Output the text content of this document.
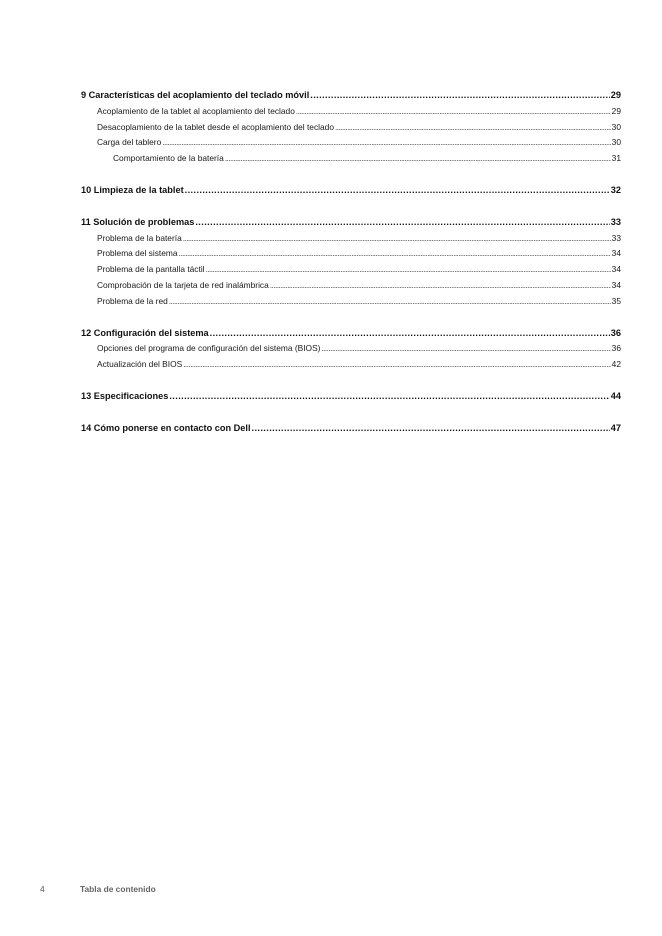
9 Características del acoplamiento del teclado móvil .....	29
Acoplamiento de la tablet al acoplamiento del teclado .....	29
Desacoplamiento de la tablet desde el acoplamiento del teclado .....	30
Carga del tablero .....	30
Comportamiento de la batería .....	31
10 Limpieza de la tablet .....	32
11 Solución de problemas .....	33
Problema de la batería .....	33
Problema del sistema .....	34
Problema de la pantalla táctil .....	34
Comprobación de la tarjeta de red inalámbrica .....	34
Problema de la red .....	35
12 Configuración del sistema .....	36
Opciones del programa de configuración del sistema (BIOS) .....	36
Actualización del BIOS .....	42
13 Especificaciones .....	44
14 Cómo ponerse en contacto con Dell .....	47
4	Tabla de contenido
